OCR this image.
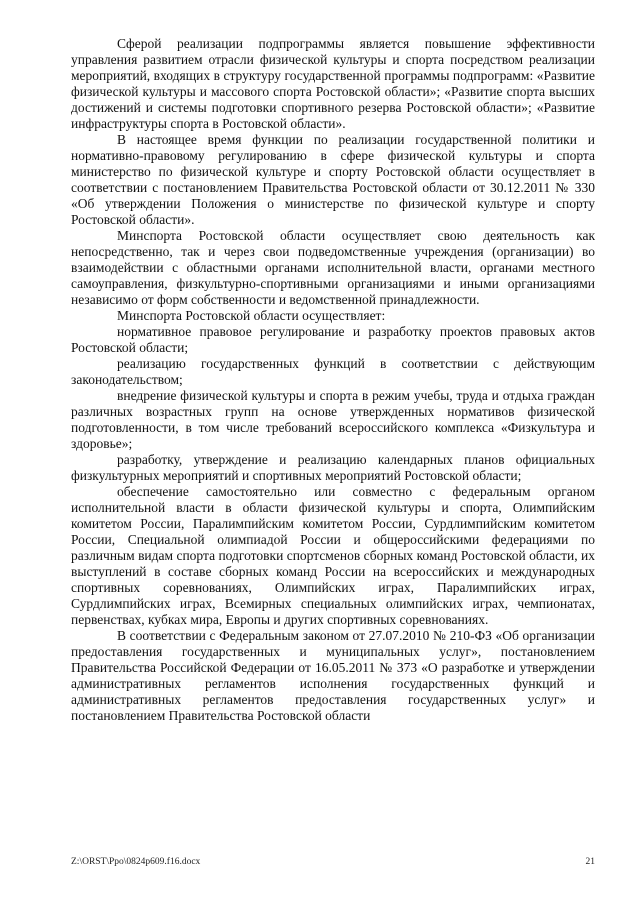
Сферой реализации подпрограммы является повышение эффективности управления развитием отрасли физической культуры и спорта посредством реализации мероприятий, входящих в структуру государственной программы подпрограмм: «Развитие физической культуры и массового спорта Ростовской области»; «Развитие спорта высших достижений и системы подготовки спортивного резерва Ростовской области»; «Развитие инфраструктуры спорта в Ростовской области».

В настоящее время функции по реализации государственной политики и нормативно-правовому регулированию в сфере физической культуры и спорта министерство по физической культуре и спорту Ростовской области осуществляет в соответствии с постановлением Правительства Ростовской области от 30.12.2011 № 330 «Об утверждении Положения о министерстве по физической культуре и спорту Ростовской области».

Минспорта Ростовской области осуществляет свою деятельность как непосредственно, так и через свои подведомственные учреждения (организации) во взаимодействии с областными органами исполнительной власти, органами местного самоуправления, физкультурно-спортивными организациями и иными организациями независимо от форм собственности и ведомственной принадлежности.

Минспорта Ростовской области осуществляет:

нормативное правовое регулирование и разработку проектов правовых актов Ростовской области;

реализацию государственных функций в соответствии с действующим законодательством;

внедрение физической культуры и спорта в режим учебы, труда и отдыха граждан различных возрастных групп на основе утвержденных нормативов физической подготовленности, в том числе требований всероссийского комплекса «Физкультура и здоровье»;

разработку, утверждение и реализацию календарных планов официальных физкультурных мероприятий и спортивных мероприятий Ростовской области;

обеспечение самостоятельно или совместно с федеральным органом исполнительной власти в области физической культуры и спорта, Олимпийским комитетом России, Паралимпийским комитетом России, Сурдлимпийским комитетом России, Специальной олимпиадой России и общероссийскими федерациями по различным видам спорта подготовки спортсменов сборных команд Ростовской области, их выступлений в составе сборных команд России на всероссийских и международных спортивных соревнованиях, Олимпийских играх, Паралимпийских играх, Сурдлимпийских играх, Всемирных специальных олимпийских играх, чемпионатах, первенствах, кубках мира, Европы и других спортивных соревнованиях.

В соответствии с Федеральным законом от 27.07.2010 № 210-ФЗ «Об организации предоставления государственных и муниципальных услуг», постановлением Правительства Российской Федерации от 16.05.2011 № 373 «О разработке и утверждении административных регламентов исполнения государственных функций и административных регламентов предоставления государственных услуг» и постановлением Правительства Ростовской области

Z:\ORST\Ppo\0824p609.f16.docx	21
